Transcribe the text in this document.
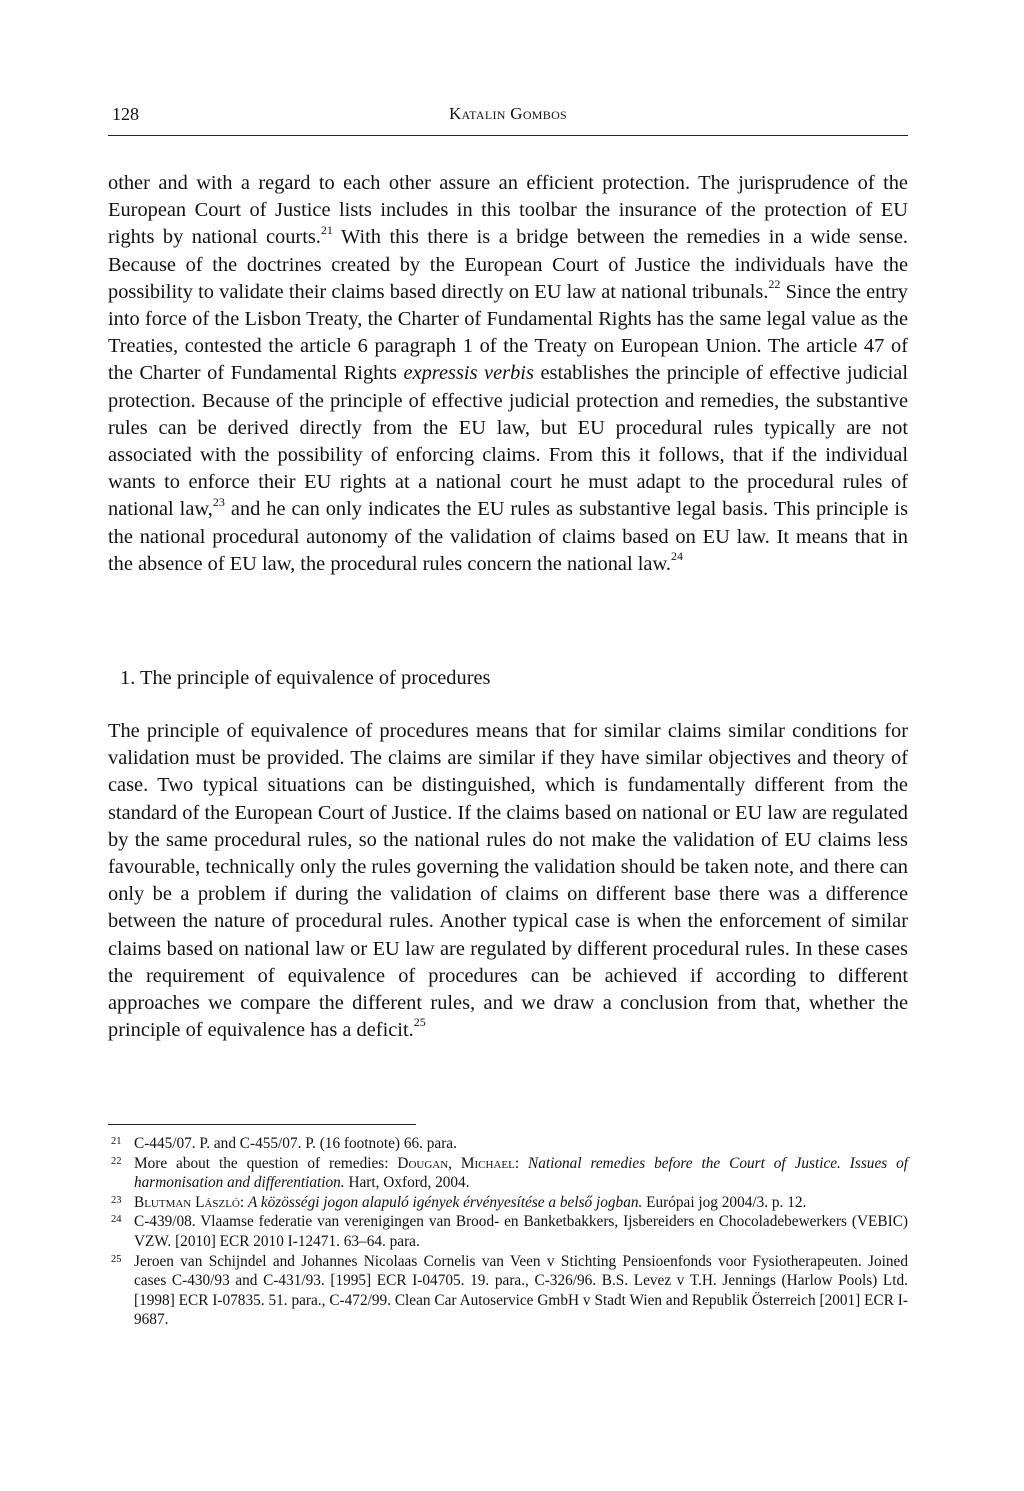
128	Katalin Gombos

other and with a regard to each other assure an efficient protection. The jurisprudence of the European Court of Justice lists includes in this toolbar the insurance of the protection of EU rights by national courts.$^{21}$ With this there is a bridge between the remedies in a wide sense. Because of the doctrines created by the European Court of Justice the individuals have the possibility to validate their claims based directly on EU law at national tribunals.$^{22}$ Since the entry into force of the Lisbon Treaty, the Charter of Fundamental Rights has the same legal value as the Treaties, contested the article 6 paragraph 1 of the Treaty on European Union. The article 47 of the Charter of Fundamental Rights expressis verbis establishes the principle of effective judicial protection. Because of the principle of effective judicial protection and remedies, the substantive rules can be derived directly from the EU law, but EU procedural rules typically are not associated with the possibility of enforcing claims. From this it follows, that if the individual wants to enforce their EU rights at a national court he must adapt to the procedural rules of national law,$^{23}$ and he can only indicates the EU rules as substantive legal basis. This principle is the national procedural autonomy of the validation of claims based on EU law. It means that in the absence of EU law, the procedural rules concern the national law.$^{24}$

1. The principle of equivalence of procedures

The principle of equivalence of procedures means that for similar claims similar conditions for validation must be provided. The claims are similar if they have similar objectives and theory of case. Two typical situations can be distinguished, which is fundamentally different from the standard of the European Court of Justice. If the claims based on national or EU law are regulated by the same procedural rules, so the national rules do not make the validation of EU claims less favourable, technically only the rules governing the validation should be taken note, and there can only be a problem if during the validation of claims on different base there was a difference between the nature of procedural rules. Another typical case is when the enforcement of similar claims based on national law or EU law are regulated by different procedural rules. In these cases the requirement of equivalence of procedures can be achieved if according to different approaches we compare the different rules, and we draw a conclusion from that, whether the principle of equivalence has a deficit.$^{25}$

21 C-445/07. P. and C-455/07. P. (16 footnote) 66. para.
22 More about the question of remedies: Dougan, Michael: National remedies before the Court of Justice. Issues of harmonisation and differentiation. Hart, Oxford, 2004.
23 Blutman László: A közösségi jogon alapuló igények érvényesítése a belső jogban. Európai jog 2004/3. p. 12.
24 C-439/08. Vlaamse federatie van verenigingen van Brood- en Banketbakkers, Ijsbereiders en Chocoladebewerkers (VEBIC) VZW. [2010] ECR 2010 I-12471. 63–64. para.
25 Jeroen van Schijndel and Johannes Nicolaas Cornelis van Veen v Stichting Pensioenfonds voor Fysiotherapeuten. Joined cases C-430/93 and C-431/93. [1995] ECR I-04705. 19. para., C-326/96. B.S. Levez v T.H. Jennings (Harlow Pools) Ltd. [1998] ECR I-07835. 51. para., C-472/99. Clean Car Autoservice GmbH v Stadt Wien and Republik Österreich [2001] ECR I-9687.
